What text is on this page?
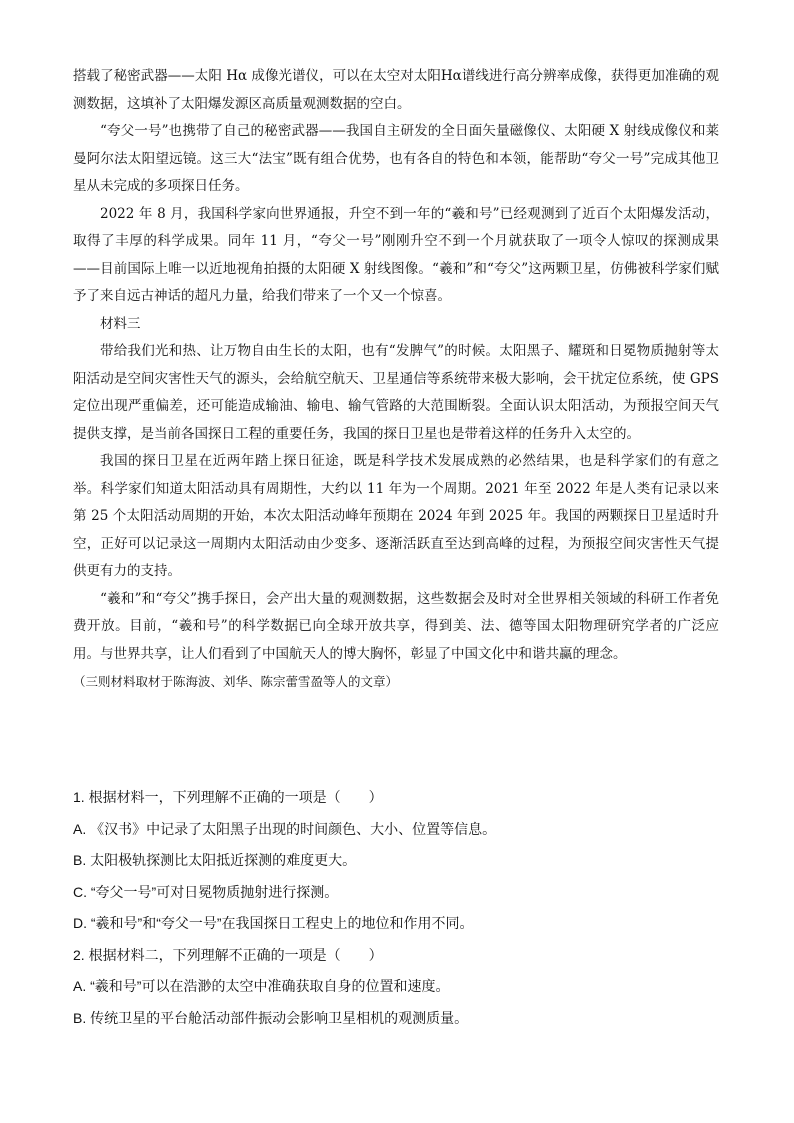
搭载了秘密武器——太阳 Hα 成像光谱仪，可以在太空对太阳Hα谱线进行高分辨率成像，获得更加准确的观测数据，这填补了太阳爆发源区高质量观测数据的空白。

“夸父一号”也携带了自己的秘密武器——我国自主研发的全日面矢量磁像仪、太阳硬 X 射线成像仪和莱曼阿尔法太阳望远镜。这三大“法宝”既有组合优势，也有各自的特色和本领，能帮助“夸父一号”完成其他卫星从未完成的多项探日任务。

2022 年 8 月，我国科学家向世界通报，升空不到一年的“羲和号”已经观测到了近百个太阳爆发活动，取得了丰厚的科学成果。同年 11 月，“夸父一号”刚刚升空不到一个月就获取了一项令人惊叹的探测成果——目前国际上唯一以近地视角拍摄的太阳硬 X 射线图像。“羲和”和“夸父”这两颗卫星，仿佛被科学家们赋予了来自远古神话的超凡力量，给我们带来了一个又一个惊喜。

材料三

带给我们光和热、让万物自由生长的太阳，也有“发脾气”的时候。太阳黑子、耀斑和日冕物质抛射等太阳活动是空间灾害性天气的源头，会给航空航天、卫星通信等系统带来极大影响，会干扰定位系统，使 GPS 定位出现严重偏差，还可能造成输油、输电、输气管路的大范围断裂。全面认识太阳活动，为预报空间天气提供支撑，是当前各国探日工程的重要任务，我国的探日卫星也是带着这样的任务升入太空的。

我国的探日卫星在近两年踏上探日征途，既是科学技术发展成熟的必然结果，也是科学家们的有意之举。科学家们知道太阳活动具有周期性，大约以 11 年为一个周期。2021 年至 2022 年是人类有记录以来第 25 个太阳活动周期的开始，本次太阳活动峰年预期在 2024 年到 2025 年。我国的两颗探日卫星适时升空，正好可以记录这一周期内太阳活动由少变多、逐渐活跃直至达到高峰的过程，为预报空间灾害性天气提供更有力的支持。

“羲和”和“夸父”携手探日，会产出大量的观测数据，这些数据会及时对全世界相关领域的科研工作者免费开放。目前，“羲和号”的科学数据已向全球开放共享，得到美、法、德等国太阳物理研究学者的广泛应用。与世界共享，让人们看到了中国航天人的博大胸怀，彰显了中国文化中和谐共赢的理念。

（三则材料取材于陈海波、刘华、陈宗蕾雪盈等人的文章）

1. 根据材料一，下列理解不正确的一项是（　　）

A. 《汉书》中记录了太阳黑子出现的时间颜色、大小、位置等信息。

B. 太阳极轨探测比太阳抵近探测的难度更大。

C. “夸父一号”可对日冕物质抛射进行探测。

D. “羲和号”和“夸父一号”在我国探日工程史上的地位和作用不同。

2. 根据材料二，下列理解不正确的一项是（　　）

A. “羲和号”可以在浩渺的太空中准确获取自身的位置和速度。

B. 传统卫星的平台舱活动部件振动会影响卫星相机的观测质量。
